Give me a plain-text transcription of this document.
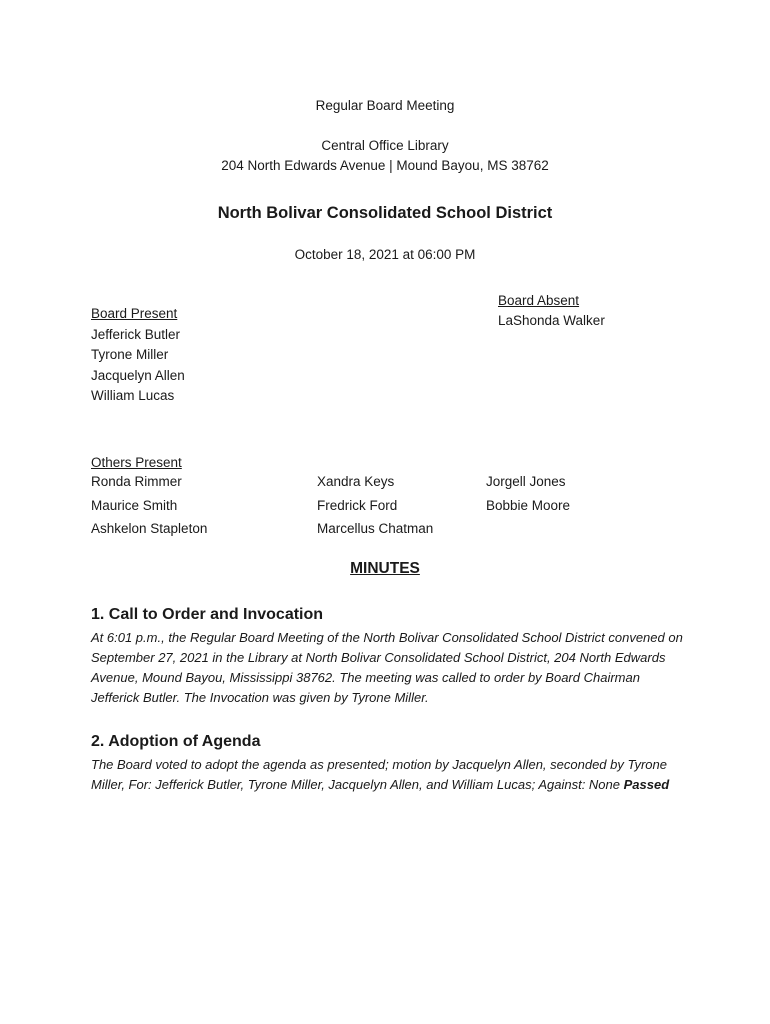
Regular Board Meeting
Central Office Library
204 North Edwards Avenue | Mound Bayou, MS 38762
North Bolivar Consolidated School District
October 18, 2021 at 06:00 PM
Board Present
Jefferick Butler
Tyrone Miller
Jacquelyn Allen
William Lucas
Board Absent
LaShonda Walker
Others Present
Ronda Rimmer
Maurice Smith
Ashkelon Stapleton
Xandra Keys
Fredrick Ford
Marcellus Chatman
Jorgell Jones
Bobbie Moore
MINUTES
1. Call to Order and Invocation
At 6:01 p.m., the Regular Board Meeting of the North Bolivar Consolidated School District convened on September 27, 2021 in the Library at North Bolivar Consolidated School District, 204 North Edwards Avenue, Mound Bayou, Mississippi 38762. The meeting was called to order by Board Chairman Jefferick Butler. The Invocation was given by Tyrone Miller.
2. Adoption of Agenda
The Board voted to adopt the agenda as presented; motion by Jacquelyn Allen, seconded by Tyrone Miller, For: Jefferick Butler, Tyrone Miller, Jacquelyn Allen, and William Lucas; Against: None Passed
